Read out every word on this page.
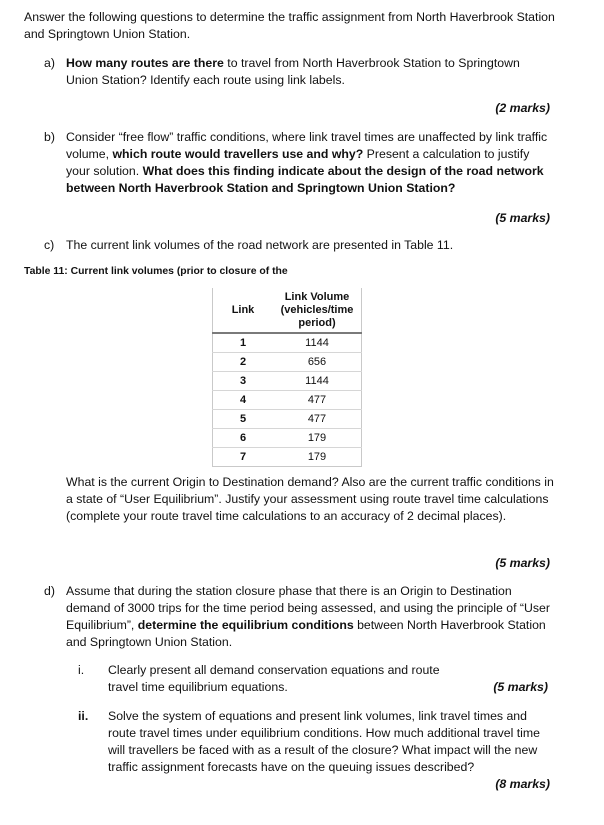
Answer the following questions to determine the traffic assignment from North Haverbrook Station and Springtown Union Station.
a) How many routes are there to travel from North Haverbrook Station to Springtown Union Station? Identify each route using link labels.
(2 marks)
b) Consider “free flow” traffic conditions, where link travel times are unaffected by link traffic volume, which route would travellers use and why? Present a calculation to justify your solution. What does this finding indicate about the design of the road network between North Haverbrook Station and Springtown Union Station?
(5 marks)
c) The current link volumes of the road network are presented in Table 11.
Table 11: Current link volumes (prior to closure of the
Link	Link Volume (vehicles/time period)
1	1144
2	656
3	1144
4	477
5	477
6	179
7	179
What is the current Origin to Destination demand? Also are the current traffic conditions in a state of “User Equilibrium”. Justify your assessment using route travel time calculations (complete your route travel time calculations to an accuracy of 2 decimal places).
(5 marks)
d) Assume that during the station closure phase that there is an Origin to Destination demand of 3000 trips for the time period being assessed, and using the principle of “User Equilibrium”, determine the equilibrium conditions between North Haverbrook Station and Springtown Union Station.
i. Clearly present all demand conservation equations and route travel time equilibrium equations.	(5 marks)
ii. Solve the system of equations and present link volumes, link travel times and route travel times under equilibrium conditions. How much additional travel time will travellers be faced with as a result of the closure? What impact will the new traffic assignment forecasts have on the queuing issues described?
(8 marks)
